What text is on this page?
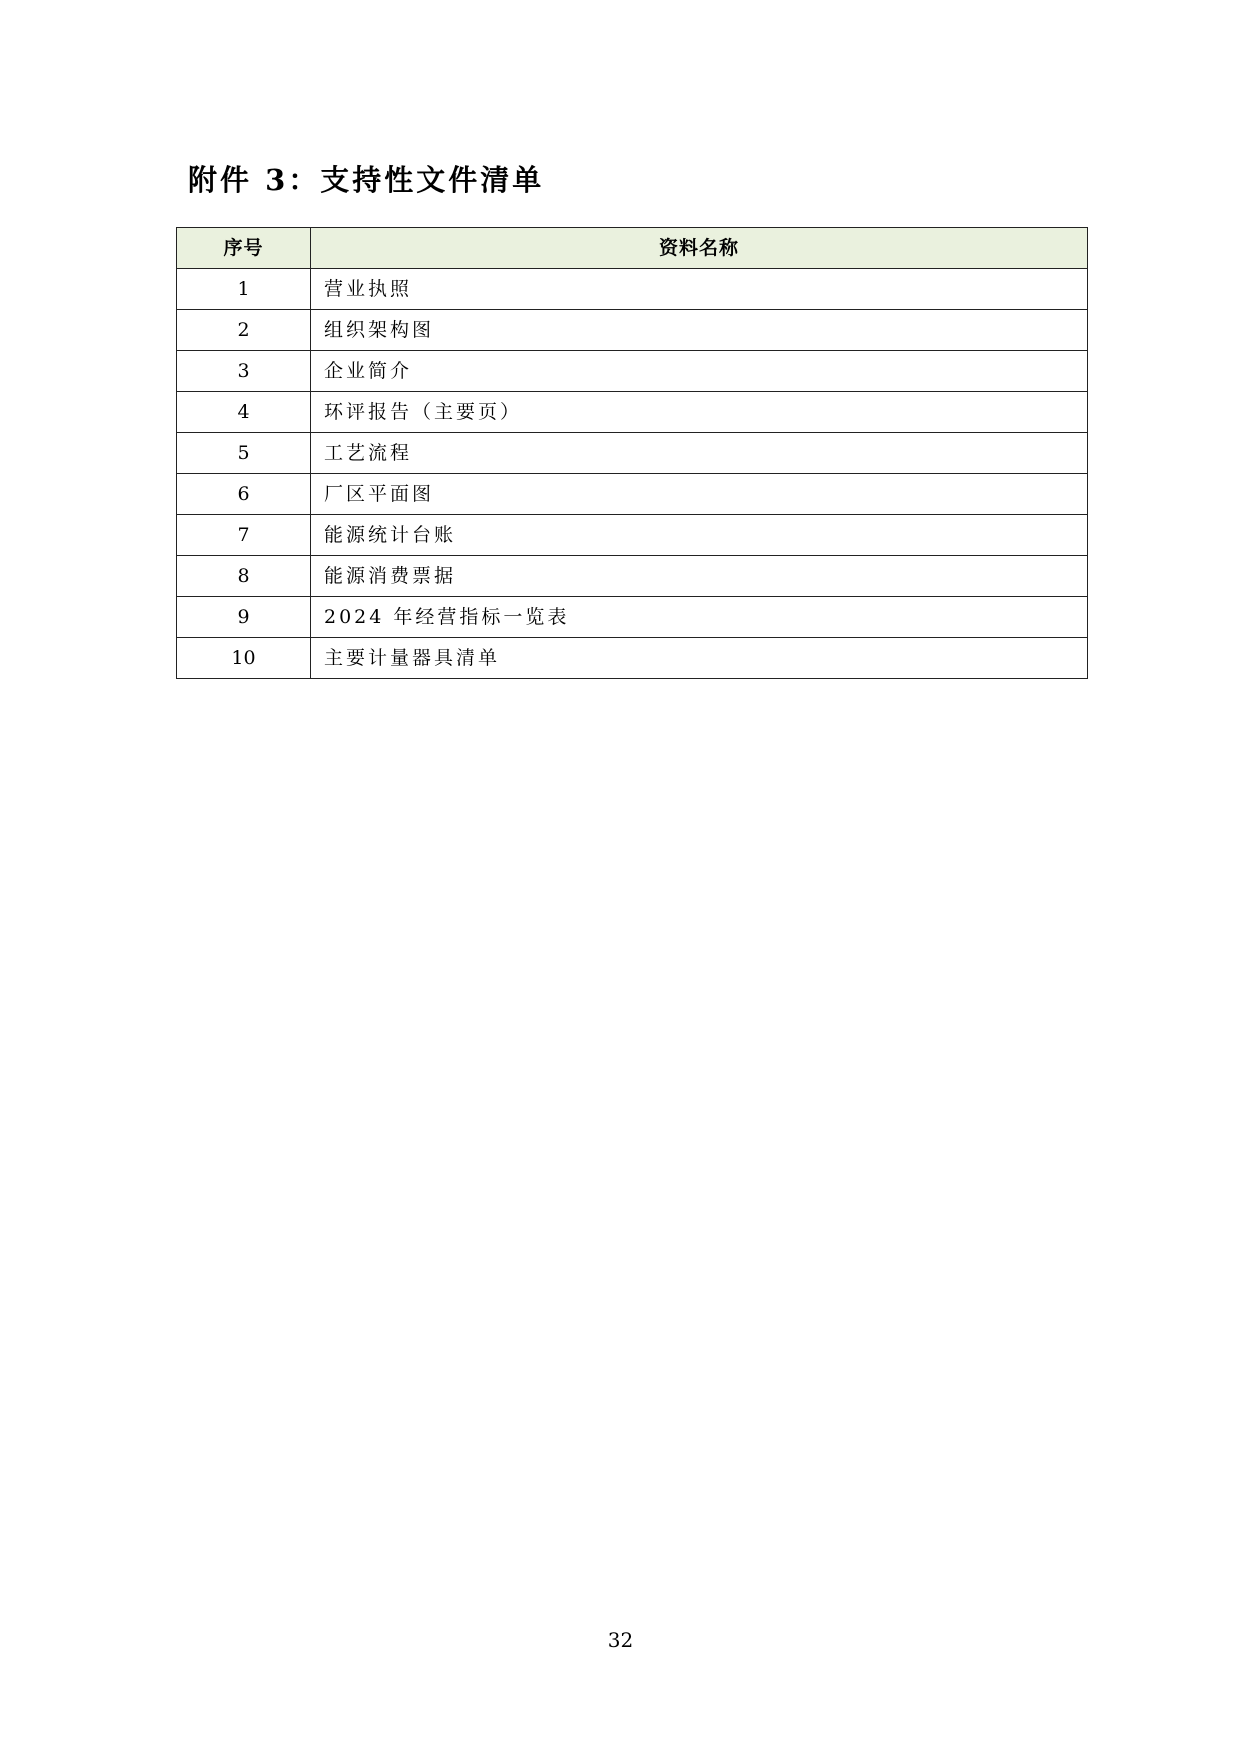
附件 3：支持性文件清单
序号	资料名称
1	营业执照
2	组织架构图
3	企业简介
4	环评报告（主要页）
5	工艺流程
6	厂区平面图
7	能源统计台账
8	能源消费票据
9	2024 年经营指标一览表
10	主要计量器具清单
32
